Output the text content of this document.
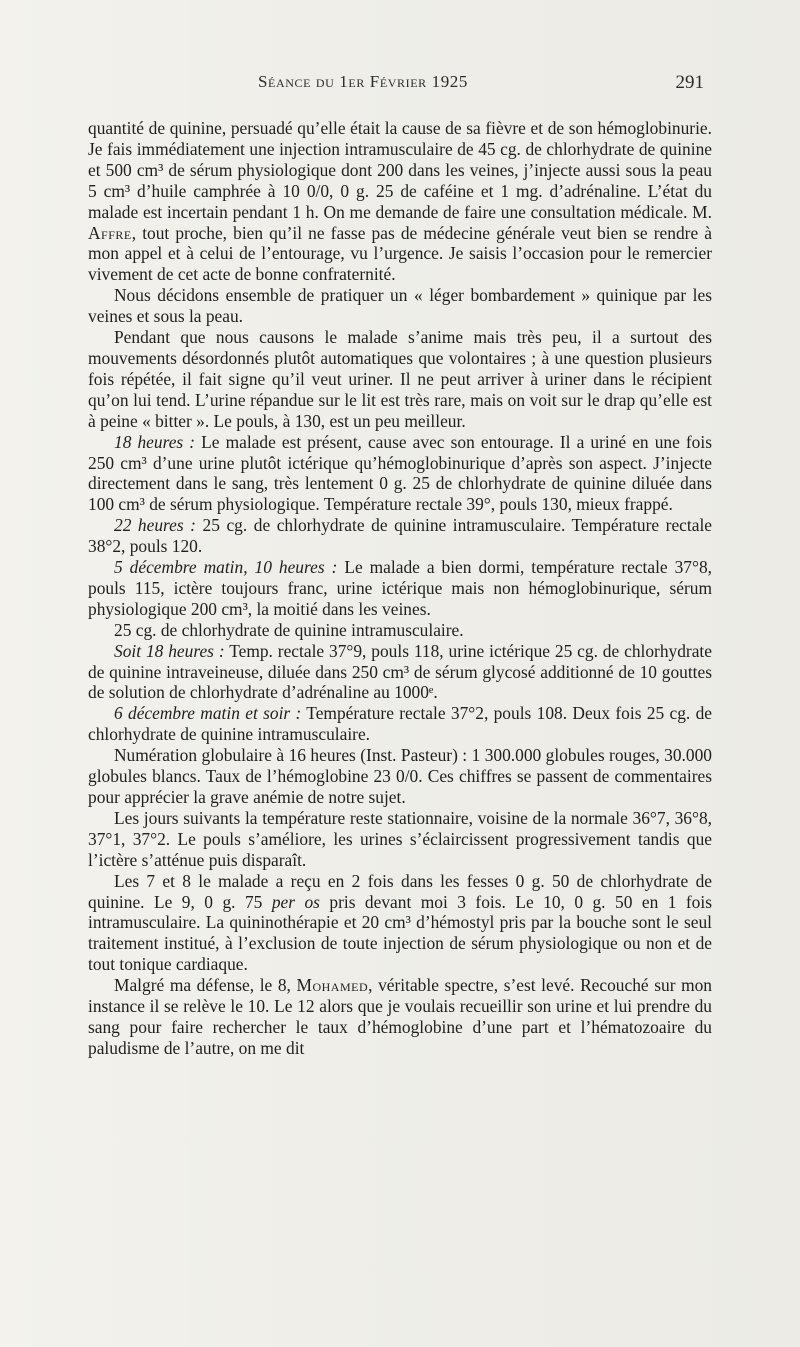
Séance du 1er Février 1925	291

quantité de quinine, persuadé qu’elle était la cause de sa fièvre et de son hémoglobinurie. Je fais immédiatement une injection intramusculaire de 45 cg. de chlorhydrate de quinine et 500 cm³ de sérum physiologique dont 200 dans les veines, j’injecte aussi sous la peau 5 cm³ d’huile camphrée à 10 0/0, 0 g. 25 de caféine et 1 mg. d’adrénaline. L’état du malade est incertain pendant 1 h. On me demande de faire une consultation médicale. M. Affre, tout proche, bien qu’il ne fasse pas de médecine générale veut bien se rendre à mon appel et à celui de l’entourage, vu l’urgence. Je saisis l’occasion pour le remercier vivement de cet acte de bonne confraternité.

Nous décidons ensemble de pratiquer un « léger bombardement » quinique par les veines et sous la peau.

Pendant que nous causons le malade s’anime mais très peu, il a surtout des mouvements désordonnés plutôt automatiques que volontaires ; à une question plusieurs fois répétée, il fait signe qu’il veut uriner. Il ne peut arriver à uriner dans le récipient qu’on lui tend. L’urine répandue sur le lit est très rare, mais on voit sur le drap qu’elle est à peine « bitter ». Le pouls, à 130, est un peu meilleur.

18 heures : Le malade est présent, cause avec son entourage. Il a uriné en une fois 250 cm³ d’une urine plutôt ictérique qu’hémoglobinurique d’après son aspect. J’injecte directement dans le sang, très lentement 0 g. 25 de chlorhydrate de quinine diluée dans 100 cm³ de sérum physiologique. Température rectale 39°, pouls 130, mieux frappé.

22 heures : 25 cg. de chlorhydrate de quinine intramusculaire. Température rectale 38°2, pouls 120.

5 décembre matin, 10 heures : Le malade a bien dormi, température rectale 37°8, pouls 115, ictère toujours franc, urine ictérique mais non hémoglobinurique, sérum physiologique 200 cm³, la moitié dans les veines.

25 cg. de chlorhydrate de quinine intramusculaire.

Soit 18 heures : Temp. rectale 37°9, pouls 118, urine ictérique 25 cg. de chlorhydrate de quinine intraveineuse, diluée dans 250 cm³ de sérum glycosé additionné de 10 gouttes de solution de chlorhydrate d’adrénaline au 1000ᵉ.

6 décembre matin et soir : Température rectale 37°2, pouls 108. Deux fois 25 cg. de chlorhydrate de quinine intramusculaire.

Numération globulaire à 16 heures (Inst. Pasteur) : 1 300.000 globules rouges, 30.000 globules blancs. Taux de l’hémoglobine 23 0/0. Ces chiffres se passent de commentaires pour apprécier la grave anémie de notre sujet.

Les jours suivants la température reste stationnaire, voisine de la normale 36°7, 36°8, 37°1, 37°2. Le pouls s’améliore, les urines s’éclaircissent progressivement tandis que l’ictère s’atténue puis disparaît.

Les 7 et 8 le malade a reçu en 2 fois dans les fesses 0 g. 50 de chlorhydrate de quinine. Le 9, 0 g. 75 per os pris devant moi 3 fois. Le 10, 0 g. 50 en 1 fois intramusculaire. La quininothérapie et 20 cm³ d’hémostyl pris par la bouche sont le seul traitement institué, à l’exclusion de toute injection de sérum physiologique ou non et de tout tonique cardiaque.

Malgré ma défense, le 8, Mohamed, véritable spectre, s’est levé. Recouché sur mon instance il se relève le 10. Le 12 alors que je voulais recueillir son urine et lui prendre du sang pour faire rechercher le taux d’hémoglobine d’une part et l’hématozoaire du paludisme de l’autre, on me dit
